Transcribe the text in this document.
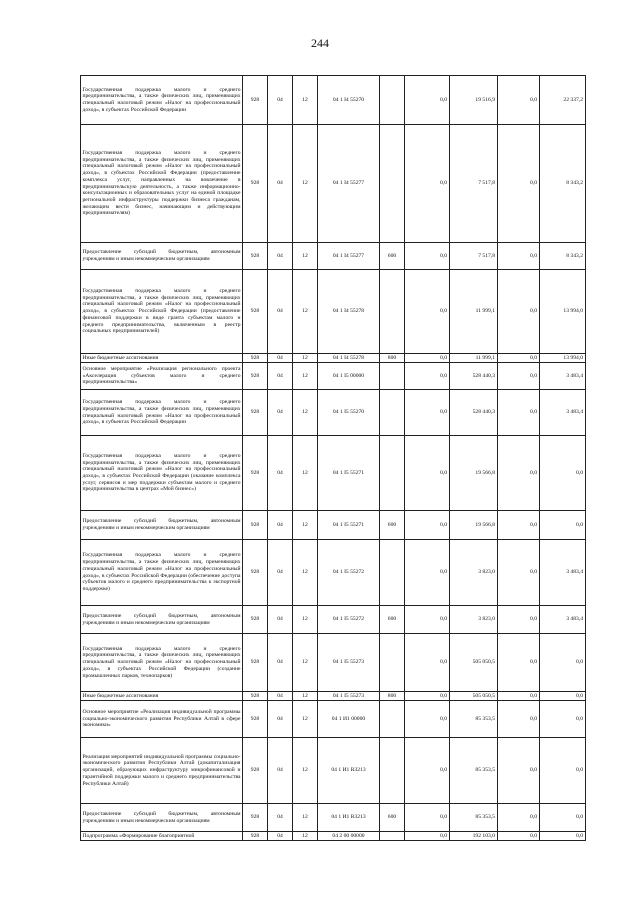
244
Государственная поддержка малого и среднего предпринимательства, а также физических лиц, применяющих специальный налоговый режим «Налог на профессиональный доход», в субъектах Российской Федерации	928	04	12	04 1 I4 55270		0,0	19 516,9	0,0	22 337,2
Государственная поддержка малого и среднего предпринимательства, а также физических лиц, применяющих специальный налоговый режим «Налог на профессиональный доход», в субъектах Российской Федерации (предоставление комплекса услуг, направленных на вовлечение в предпринимательскую деятельность, а также информационно-консультационных и образовательных услуг на единой площадке региональной инфраструктуры поддержки бизнеса гражданам, желающим вести бизнес, начинающим и действующим предпринимателям)	928	04	12	04 1 I4 55277		0,0	7 517,8	0,0	8 343,2
Предоставление субсидий бюджетным, автономным учреждениям и иным некоммерческим организациям	928	04	12	04 1 I4 55277	600	0,0	7 517,8	0,0	8 343,2
Государственная поддержка малого и среднего предпринимательства, а также физических лиц, применяющих специальный налоговый режим «Налог на профессиональный доход», в субъектах Российской Федерации (предоставление финансовой поддержки в виде гранта субъектам малого и среднего предпринимательства, включенным в реестр социальных предпринимателей)	928	04	12	04 1 I4 55278		0,0	11 999,1	0,0	13 994,0
Иные бюджетные ассигнования	928	04	12	04 1 I4 55278	800	0,0	11 999,1	0,0	13 994,0
Основное мероприятие «Реализация регионального проекта «Акселерация субъектов малого и среднего предпринимательства»	928	04	12	04 1 I5 00000		0,0	528 440,3	0,0	3 483,4
Государственная поддержка малого и среднего предпринимательства, а также физических лиц, применяющих специальный налоговый режим «Налог на профессиональный доход», в субъектах Российской Федерации	928	04	12	04 1 I5 55270		0,0	528 440,3	0,0	3 483,4
Государственная поддержка малого и среднего предпринимательства, а также физических лиц, применяющих специальный налоговый режим «Налог на профессиональный доход», в субъектах Российской Федерации (оказание комплекса услуг, сервисов и мер поддержки субъектам малого и среднего предпринимательства в центрах «Мой бизнес»)	928	04	12	04 1 I5 55271		0,0	19 566,8	0,0	0,0
Предоставление субсидий бюджетным, автономным учреждениям и иным некоммерческим организациям	928	04	12	04 1 I5 55271	600	0,0	19 566,8	0,0	0,0
Государственная поддержка малого и среднего предпринимательства, а также физических лиц, применяющих специальный налоговый режим «Налог на профессиональный доход», в субъектах Российской Федерации (обеспечение доступа субъектов малого и среднего предпринимательства к экспортной поддержке)	928	04	12	04 1 I5 55272		0,0	3 823,0	0,0	3 483,4
Предоставление субсидий бюджетным, автономным учреждениям и иным некоммерческим организациям	928	04	12	04 1 I5 55272	600	0,0	3 823,0	0,0	3 483,4
Государственная поддержка малого и среднего предпринимательства, а также физических лиц, применяющих специальный налоговый режим «Налог на профессиональный доход», в субъектах Российской Федерации (создание промышленных парков, технопарков)	928	04	12	04 1 I5 55273		0,0	505 050,5	0,0	0,0
Иные бюджетные ассигнования	928	04	12	04 1 I5 55273	800	0,0	505 050,5	0,0	0,0
Основное мероприятие «Реализация индивидуальной программы социально-экономического развития Республики Алтай в сфере экономики»	928	04	12	04 1 И1 00000		0,0	85 353,5	0,0	0,0
Реализация мероприятий индивидуальной программы социально-экономического развития Республики Алтай (докапитализация организаций, образующих инфраструктуру микрофинансовой и гарантийной поддержки малого и среднего предпринимательства Республики Алтай)	928	04	12	04 1 И1 R3213		0,0	85 353,5	0,0	0,0
Предоставление субсидий бюджетным, автономным учреждениям и иным некоммерческим организациям	928	04	12	04 1 И1 R3213	600	0,0	85 353,5	0,0	0,0
Подпрограмма «Формирование благоприятной	928	04	12	04 2 00 00000		0,0	192 103,0	0,0	0,0
